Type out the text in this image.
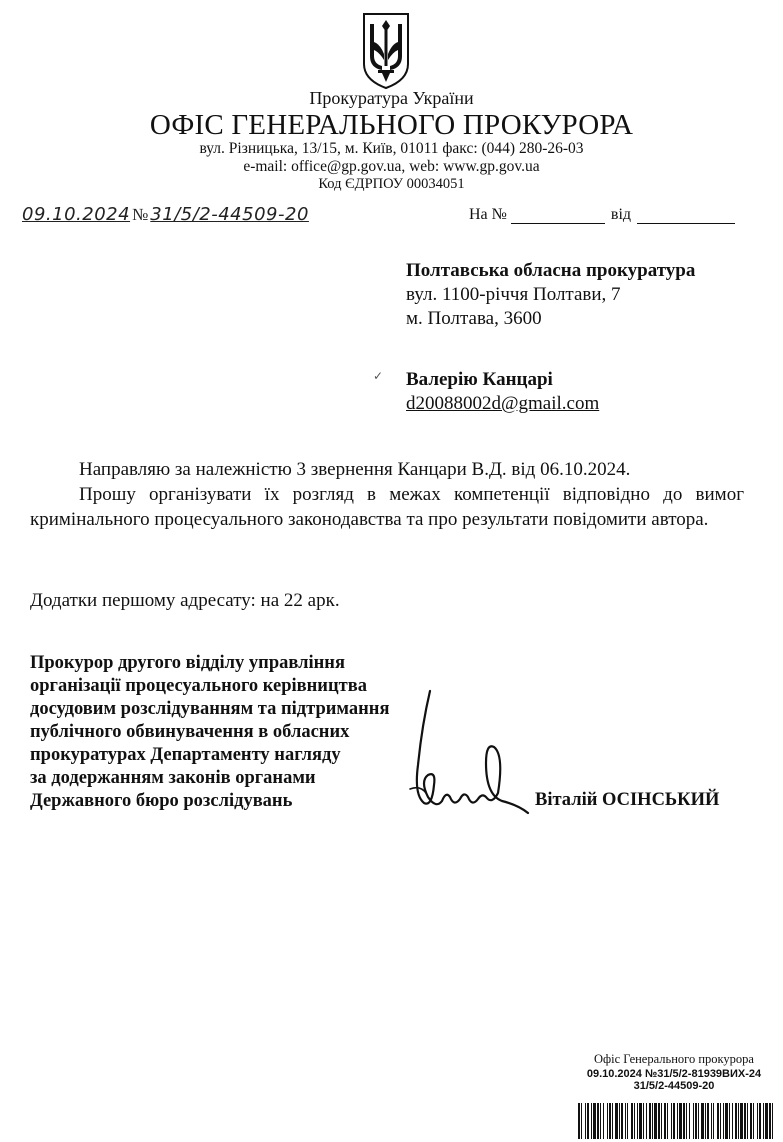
Прокуратура України
ОФІС ГЕНЕРАЛЬНОГО ПРОКУРОРА
вул. Різницька, 13/15, м. Київ, 01011 факс: (044) 280-26-03
e-mail: office@gp.gov.ua, web: www.gp.gov.ua
Код ЄДРПОУ 00034051
09.10.2024 № 31/5/2-44509-20	На №	від
Полтавська обласна прокуратура
вул. 1100-річчя Полтави, 7
м. Полтава, 3600
✓ Валерію Канцарі
d20088002d@gmail.com

Направляю за належністю 3 звернення Канцари В.Д. від 06.10.2024.

Прошу організувати їх розгляд в межах компетенції відповідно до вимог кримінального процесуального законодавства та про результати повідомити автора.

Додатки першому адресату: на 22 арк.
Прокурор другого відділу управління
організації процесуального керівництва
досудовим розслідуванням та підтримання
публічного обвинувачення в обласних
прокуратурах Департаменту нагляду
за додержанням законів органами
Державного бюро розслідувань	Віталій ОСІНСЬКИЙ
Офіс Генерального прокурора
09.10.2024 №31/5/2-81939ВИХ-24
31/5/2-44509-20
